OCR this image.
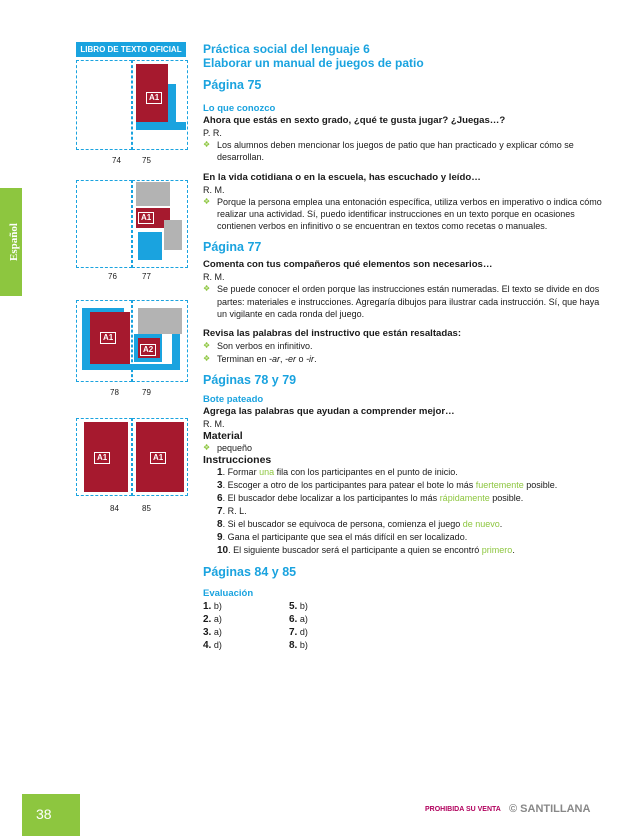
Español
38
LIBRO DE TEXTO OFICIAL
A1
74	75
A1
76	77
A1
A2
78	79
A1	A1
84	85
Práctica social del lenguaje 6
Elaborar un manual de juegos de patio
Página 75
Lo que conozco
Ahora que estás en sexto grado, ¿qué te gusta jugar? ¿Juegas…?
P. R.
❖ Los alumnos deben mencionar los juegos de patio que han practicado y explicar cómo se desarrollan.
En la vida cotidiana o en la escuela, has escuchado y leído…
R. M.
❖ Porque la persona emplea una entonación específica, utiliza verbos en imperativo o indica cómo realizar una actividad. Sí, puedo identificar instrucciones en un texto porque en ocasiones contienen verbos en infinitivo o se encuentran en textos como recetas o manuales.
Página 77
Comenta con tus compañeros qué elementos son necesarios…
R. M.
❖ Se puede conocer el orden porque las instrucciones están numeradas. El texto se divide en dos partes: materiales e instrucciones. Agregaría dibujos para ilustrar cada instrucción. Sí, que haya un vigilante en cada ronda del juego.
Revisa las palabras del instructivo que están resaltadas:
❖ Son verbos en infinitivo.
❖ Terminan en -ar, -er o -ir.
Páginas 78 y 79
Bote pateado
Agrega las palabras que ayudan a comprender mejor…
R. M.
Material
❖ pequeño
Instrucciones
1. Formar una fila con los participantes en el punto de inicio.
3. Escoger a otro de los participantes para patear el bote lo más fuertemente posible.
6. El buscador debe localizar a los participantes lo más rápidamente posible.
7. R. L.
8. Si el buscador se equivoca de persona, comienza el juego de nuevo.
9. Gana el participante que sea el más difícil en ser localizado.
10. El siguiente buscador será el participante a quien se encontró primero.
Páginas 84 y 85
Evaluación
1. b)	5. b)
2. a)	6. a)
3. a)	7. d)
4. d)	8. b)
PROHIBIDA SU VENTA © SANTILLANA
